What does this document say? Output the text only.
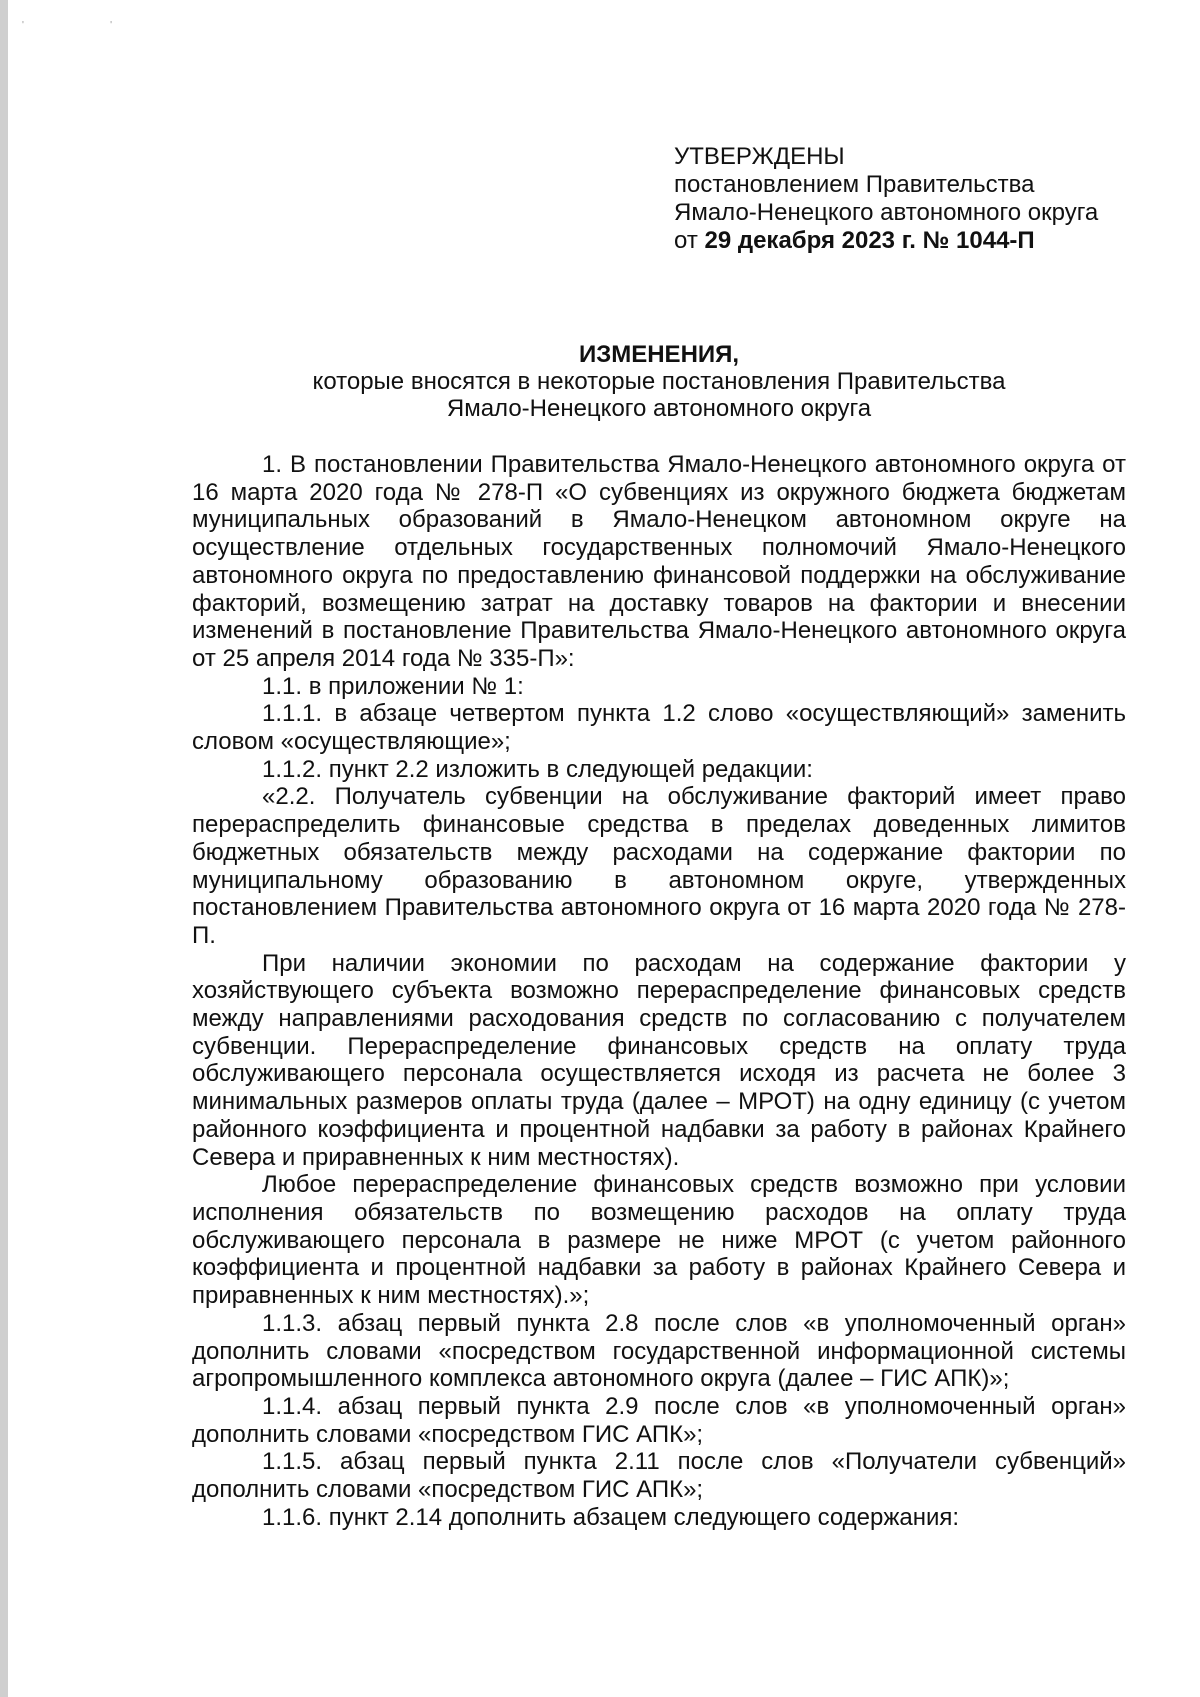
'	'

УТВЕРЖДЕНЫ

постановлением Правительства

Ямало-Ненецкого автономного округа

от 29 декабря 2023 г. № 1044-П

ИЗМЕНЕНИЯ,
которые вносятся в некоторые постановления Правительства
Ямало-Ненецкого автономного округа

1. В постановлении Правительства Ямало-Ненецкого автономного округа от 16 марта 2020 года № 278-П «О субвенциях из окружного бюджета бюджетам муниципальных образований в Ямало-Ненецком автономном округе на осуществление отдельных государственных полномочий Ямало-Ненецкого автономного округа по предоставлению финансовой поддержки на обслуживание факторий, возмещению затрат на доставку товаров на фактории и внесении изменений в постановление Правительства Ямало-Ненецкого автономного округа от 25 апреля 2014 года № 335-П»:

1.1. в приложении № 1:

1.1.1. в абзаце четвертом пункта 1.2 слово «осуществляющий» заменить словом «осуществляющие»;

1.1.2. пункт 2.2 изложить в следующей редакции:

«2.2. Получатель субвенции на обслуживание факторий имеет право перераспределить финансовые средства в пределах доведенных лимитов бюджетных обязательств между расходами на содержание фактории по муниципальному образованию в автономном округе, утвержденных постановлением Правительства автономного округа от 16 марта 2020 года № 278-П.

При наличии экономии по расходам на содержание фактории у хозяйствующего субъекта возможно перераспределение финансовых средств между направлениями расходования средств по согласованию с получателем субвенции. Перераспределение финансовых средств на оплату труда обслуживающего персонала осуществляется исходя из расчета не более 3 минимальных размеров оплаты труда (далее – МРОТ) на одну единицу (с учетом районного коэффициента и процентной надбавки за работу в районах Крайнего Севера и приравненных к ним местностях).

Любое перераспределение финансовых средств возможно при условии исполнения обязательств по возмещению расходов на оплату труда обслуживающего персонала в размере не ниже МРОТ (с учетом районного коэффициента и процентной надбавки за работу в районах Крайнего Севера и приравненных к ним местностях).»;

1.1.3. абзац первый пункта 2.8 после слов «в уполномоченный орган» дополнить словами «посредством государственной информационной системы агропромышленного комплекса автономного округа (далее – ГИС АПК)»;

1.1.4. абзац первый пункта 2.9 после слов «в уполномоченный орган» дополнить словами «посредством ГИС АПК»;

1.1.5. абзац первый пункта 2.11 после слов «Получатели субвенций» дополнить словами «посредством ГИС АПК»;

1.1.6. пункт 2.14 дополнить абзацем следующего содержания:
